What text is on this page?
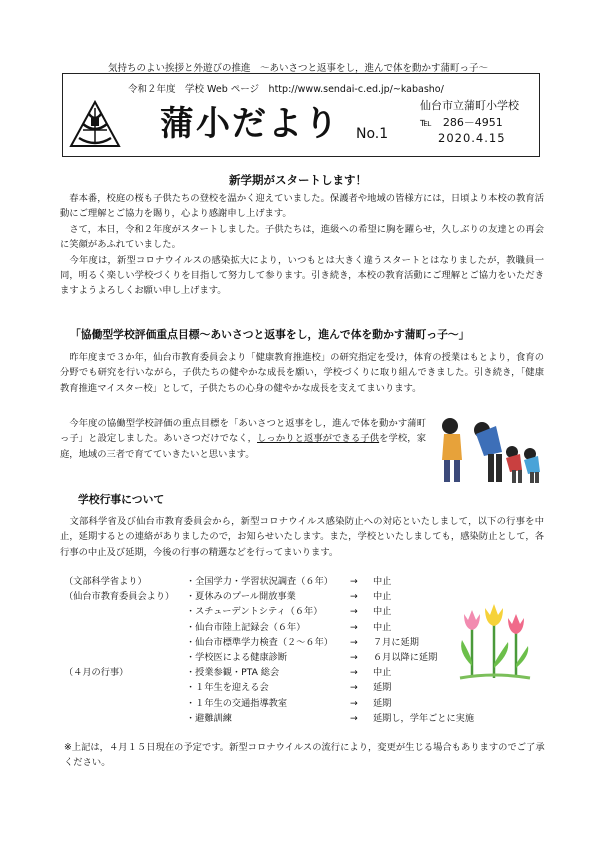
気持ちのよい挨拶と外遊びの推進　～あいさつと返事をし，進んで体を動かす蒲町っ子～
令和２年度　学校 Web ページ　http://www.sendai-c.ed.jp/~kabasho/
蒲小だより No.1
仙台市立蒲町小学校
℡　286－4951
2020.4.15
新学期がスタートします！
　春本番，校庭の桜も子供たちの登校を温かく迎えていました。保護者や地域の皆様方には，日頃より本校の教育活動にご理解とご協力を賜り，心より感謝申し上げます。
　さて，本日，令和２年度がスタートしました。子供たちは，進級への希望に胸を躍らせ，久しぶりの友達との再会に笑顔があふれていました。
　今年度は，新型コロナウイルスの感染拡大により，いつもとは大きく違うスタートとはなりましたが，教職員一同，明るく楽しい学校づくりを目指して努力して参ります。引き続き，本校の教育活動にご理解とご協力をいただきますようよろしくお願い申し上げます。
「協働型学校評価重点目標～あいさつと返事をし，進んで体を動かす蒲町っ子～」
　昨年度まで３か年，仙台市教育委員会より「健康教育推進校」の研究指定を受け，体育の授業はもとより，食育の分野でも研究を行いながら，子供たちの健やかな成長を願い，学校づくりに取り組んできました。引き続き，「健康教育推進マイスター校」として，子供たちの心身の健やかな成長を支えてまいります。
　今年度の協働型学校評価の重点目標を「あいさつと返事をし，進んで体を動かす蒲町っ子」と設定しました。あいさつだけでなく，しっかりと返事ができる子供を学校，家庭，地域の三者で育てていきたいと思います。
学校行事について
　文部科学省及び仙台市教育委員会から，新型コロナウイルス感染防止への対応といたしまして，以下の行事を中止，延期するとの連絡がありましたので，お知らせいたします。また，学校といたしましても，感染防止として，各行事の中止及び延期，今後の行事の精選などを行ってまいります。
（文部科学省より）	・全国学力・学習状況調査（６年） → 中止
（仙台市教育委員会より） ・夏休みのプール開放事業	→ 中止
・スチューデントシティ（６年）	→ 中止
・仙台市陸上記録会（６年）	→ 中止
・仙台市標準学力検査（２～６年） → ７月に延期
・学校医による健康診断	→ ６月以降に延期
（４月の行事）	・授業参観・PTA 総会	→ 中止
・１年生を迎える会	→ 延期
・１年生の交通指導教室	→ 延期
・避難訓練	→ 延期し，学年ごとに実施
※上記は，４月１５日現在の予定です。新型コロナウイルスの流行により，変更が生じる場合もありますのでご了承ください。
